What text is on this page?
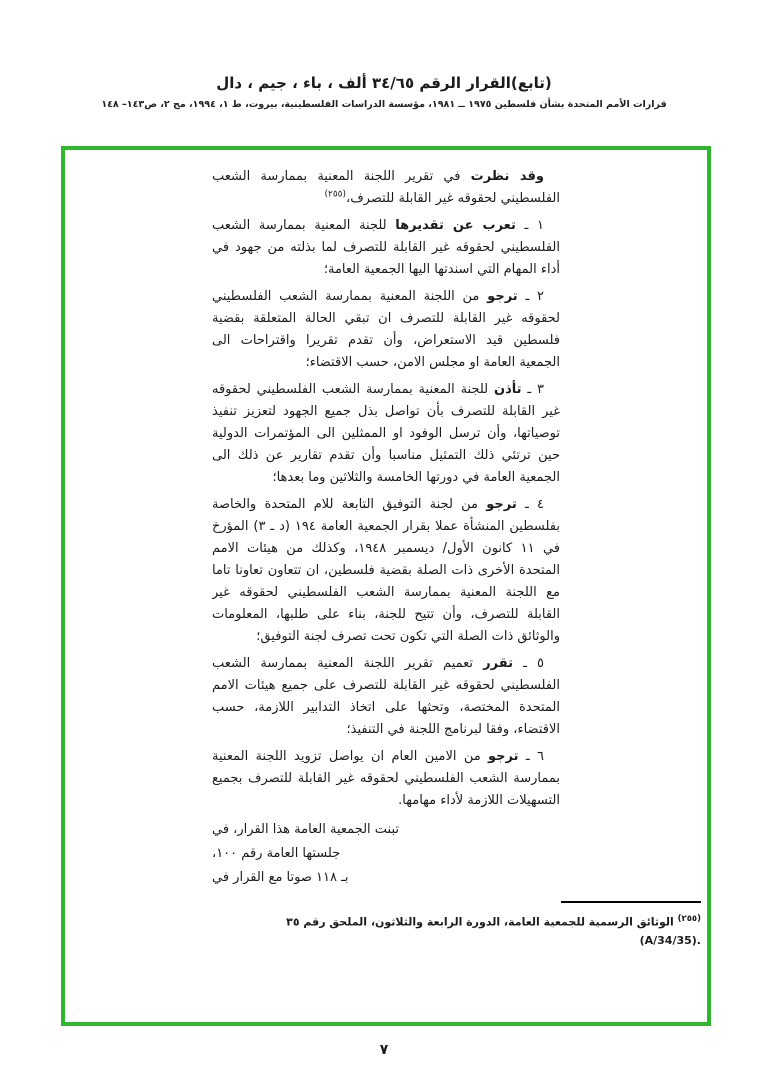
(تابع)القرار الرقم ٣٤/٦٥ ألف ، باء ، جيم ، دال
قرارات الأمم المتحدة بشأن فلسطين ١٩٧٥ ــ ١٩٨١، مؤسسة الدراسات الفلسطينية، بيروت، ط ١، ١٩٩٤، مج ٢، ص١٤٣– ١٤٨

وقد نظرت في تقرير اللجنة المعنية بممارسة الشعب الفلسطيني لحقوقه غير القابلة للتصرف،$^{(٢٥٥)}$

١ ـ تعرب عن تقديرها للجنة المعنية بممارسة الشعب الفلسطيني لحقوقه غير القابلة للتصرف لما بذلته من جهود في أداء المهام التي اسندتها اليها الجمعية العامة؛

٢ ـ ترجو من اللجنة المعنية بممارسة الشعب الفلسطيني لحقوقه غير القابلة للتصرف ان تبقي الحالة المتعلقة بقضية فلسطين قيد الاستعراض، وأن تقدم تقريرا واقتراحات الى الجمعية العامة او مجلس الامن، حسب الاقتضاء؛

٣ ـ تأذن للجنة المعنية بممارسة الشعب الفلسطيني لحقوقه غير القابلة للتصرف بأن تواصل بذل جميع الجهود لتعزيز تنفيذ توصياتها، وأن ترسل الوفود او الممثلين الى المؤتمرات الدولية حين ترتئي ذلك التمثيل مناسبا وأن تقدم تقارير عن ذلك الى الجمعية العامة في دورتها الخامسة والثلاثين وما بعدها؛

٤ ـ ترجو من لجنة التوفيق التابعة للام المتحدة والخاصة بفلسطين المنشأة عملا بقرار الجمعية العامة ١٩٤ (د ـ ٣) المؤرخ في ١١ كانون الأول/ ديسمبر ١٩٤٨، وكذلك من هيئات الامم المتحدة الأخرى ذات الصلة بقضية فلسطين، ان تتعاون تعاونا تاما مع اللجنة المعنية بممارسة الشعب الفلسطيني لحقوقه غير القابلة للتصرف، وأن تتيح للجنة، بناء على طلبها، المعلومات والوثائق ذات الصلة التي تكون تحت تصرف لجنة التوفيق؛

٥ ـ تقرر تعميم تقرير اللجنة المعنية بممارسة الشعب الفلسطيني لحقوقه غير القابلة للتصرف على جميع هيئات الامم المتحدة المختصة، وتحثها على اتخاذ التدابير اللازمة، حسب الاقتضاء، وفقا لبرنامج اللجنة في التنفيذ؛

٦ ـ ترجو من الامين العام ان يواصل تزويد اللجنة المعنية بممارسة الشعب الفلسطيني لحقوقه غير القابلة للتصرف بجميع التسهيلات اللازمة لأداء مهامها.

تبنت الجمعية العامة هذا القرار، في
جلستها العامة رقم ١٠٠،
بـ ١١٨ صوتا مع القرار في
$^{(٢٥٥)}$ الوثائق الرسمية للجمعية العامة، الدورة الرابعة والثلاثون، الملحق رقم ٣٥
(A/34/35).
٧
